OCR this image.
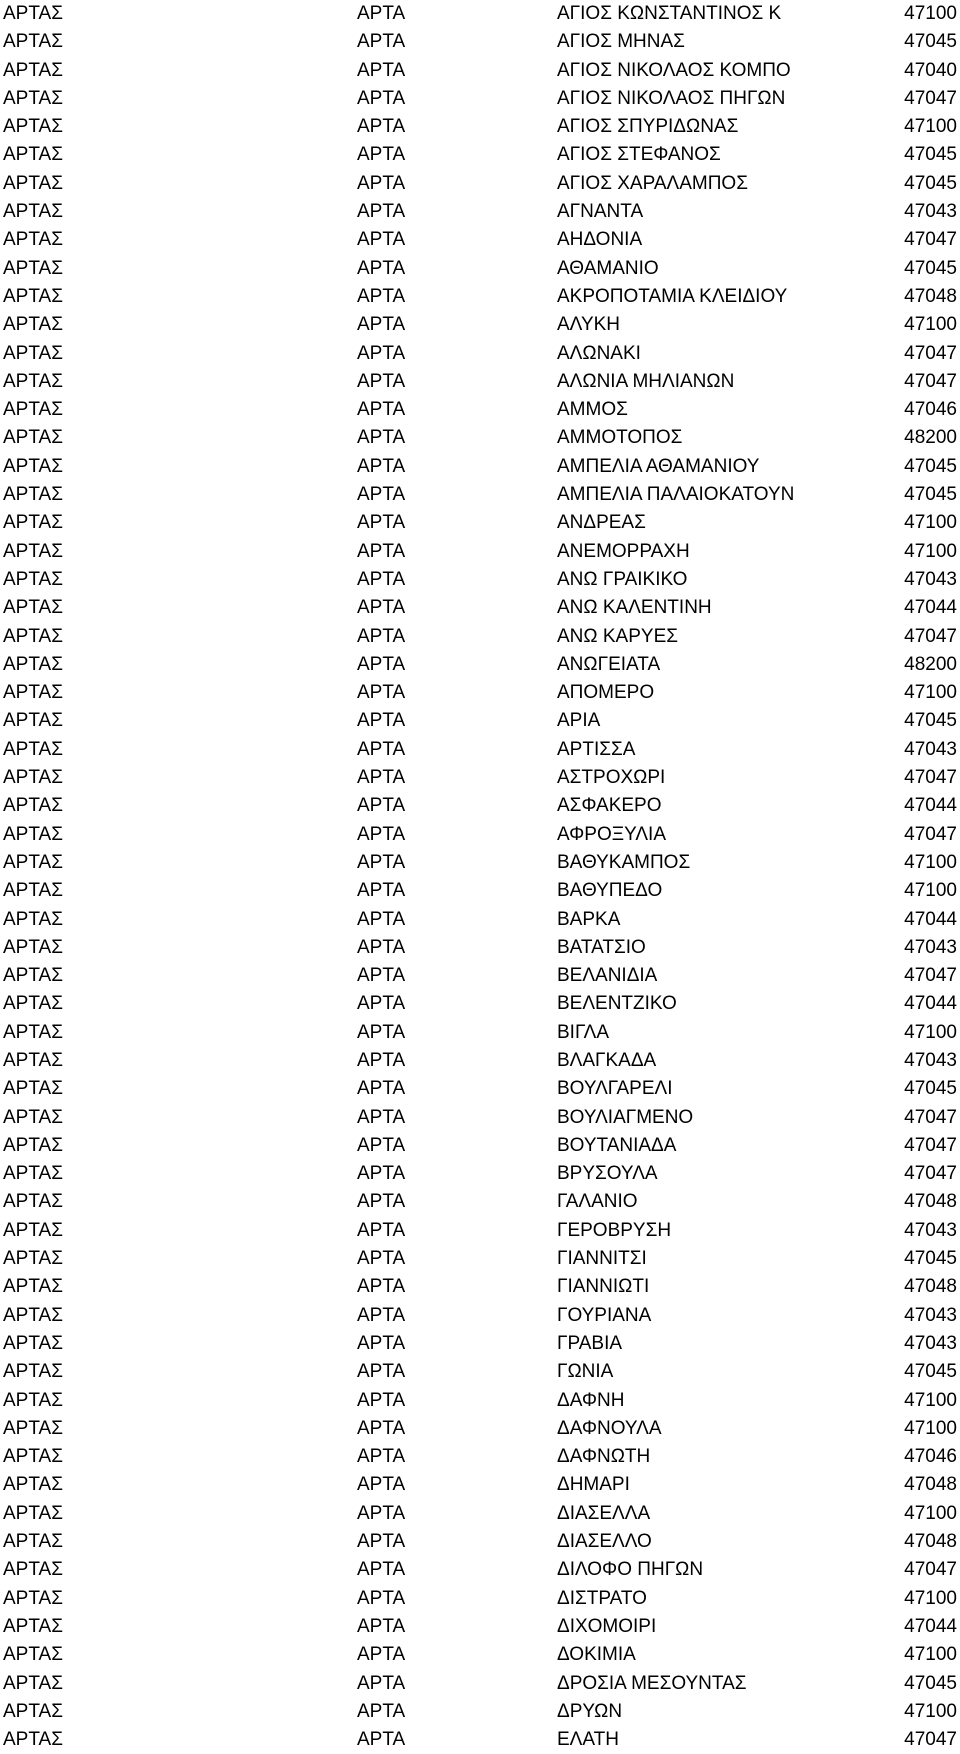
ΑΡΤΑΣ	ΑΡΤΑ	ΑΓΙΟΣ ΚΩΝΣΤΑΝΤΙΝΟΣ Κ	47100
ΑΡΤΑΣ	ΑΡΤΑ	ΑΓΙΟΣ ΜΗΝΑΣ	47045
ΑΡΤΑΣ	ΑΡΤΑ	ΑΓΙΟΣ ΝΙΚΟΛΑΟΣ ΚΟΜΠΟ	47040
ΑΡΤΑΣ	ΑΡΤΑ	ΑΓΙΟΣ ΝΙΚΟΛΑΟΣ ΠΗΓΩΝ	47047
ΑΡΤΑΣ	ΑΡΤΑ	ΑΓΙΟΣ ΣΠΥΡΙΔΩΝΑΣ	47100
ΑΡΤΑΣ	ΑΡΤΑ	ΑΓΙΟΣ ΣΤΕΦΑΝΟΣ	47045
ΑΡΤΑΣ	ΑΡΤΑ	ΑΓΙΟΣ ΧΑΡΑΛΑΜΠΟΣ	47045
ΑΡΤΑΣ	ΑΡΤΑ	ΑΓΝΑΝΤΑ	47043
ΑΡΤΑΣ	ΑΡΤΑ	ΑΗΔΟΝΙΑ	47047
ΑΡΤΑΣ	ΑΡΤΑ	ΑΘΑΜΑΝΙΟ	47045
ΑΡΤΑΣ	ΑΡΤΑ	ΑΚΡΟΠΟΤΑΜΙΑ ΚΛΕΙΔΙΟΥ	47048
ΑΡΤΑΣ	ΑΡΤΑ	ΑΛΥΚΗ	47100
ΑΡΤΑΣ	ΑΡΤΑ	ΑΛΩΝΑΚΙ	47047
ΑΡΤΑΣ	ΑΡΤΑ	ΑΛΩΝΙΑ ΜΗΛΙΑΝΩΝ	47047
ΑΡΤΑΣ	ΑΡΤΑ	ΑΜΜΟΣ	47046
ΑΡΤΑΣ	ΑΡΤΑ	ΑΜΜΟΤΟΠΟΣ	48200
ΑΡΤΑΣ	ΑΡΤΑ	ΑΜΠΕΛΙΑ ΑΘΑΜΑΝΙΟΥ	47045
ΑΡΤΑΣ	ΑΡΤΑ	ΑΜΠΕΛΙΑ ΠΑΛΑΙΟΚΑΤΟΥΝ	47045
ΑΡΤΑΣ	ΑΡΤΑ	ΑΝΔΡΕΑΣ	47100
ΑΡΤΑΣ	ΑΡΤΑ	ΑΝΕΜΟΡΡΑΧΗ	47100
ΑΡΤΑΣ	ΑΡΤΑ	ΑΝΩ ΓΡΑΙΚΙΚΟ	47043
ΑΡΤΑΣ	ΑΡΤΑ	ΑΝΩ ΚΑΛΕΝΤΙΝΗ	47044
ΑΡΤΑΣ	ΑΡΤΑ	ΑΝΩ ΚΑΡΥΕΣ	47047
ΑΡΤΑΣ	ΑΡΤΑ	ΑΝΩΓΕΙΑΤΑ	48200
ΑΡΤΑΣ	ΑΡΤΑ	ΑΠΟΜΕΡΟ	47100
ΑΡΤΑΣ	ΑΡΤΑ	ΑΡΙΑ	47045
ΑΡΤΑΣ	ΑΡΤΑ	ΑΡΤΙΣΣΑ	47043
ΑΡΤΑΣ	ΑΡΤΑ	ΑΣΤΡΟΧΩΡΙ	47047
ΑΡΤΑΣ	ΑΡΤΑ	ΑΣΦΑΚΕΡΟ	47044
ΑΡΤΑΣ	ΑΡΤΑ	ΑΦΡΟΞΥΛΙΑ	47047
ΑΡΤΑΣ	ΑΡΤΑ	ΒΑΘΥΚΑΜΠΟΣ	47100
ΑΡΤΑΣ	ΑΡΤΑ	ΒΑΘΥΠΕΔΟ	47100
ΑΡΤΑΣ	ΑΡΤΑ	ΒΑΡΚΑ	47044
ΑΡΤΑΣ	ΑΡΤΑ	ΒΑΤΑΤΣΙΟ	47043
ΑΡΤΑΣ	ΑΡΤΑ	ΒΕΛΑΝΙΔΙΑ	47047
ΑΡΤΑΣ	ΑΡΤΑ	ΒΕΛΕΝΤΖΙΚΟ	47044
ΑΡΤΑΣ	ΑΡΤΑ	ΒΙΓΛΑ	47100
ΑΡΤΑΣ	ΑΡΤΑ	ΒΛΑΓΚΑΔΑ	47043
ΑΡΤΑΣ	ΑΡΤΑ	ΒΟΥΛΓΑΡΕΛΙ	47045
ΑΡΤΑΣ	ΑΡΤΑ	ΒΟΥΛΙΑΓΜΕΝΟ	47047
ΑΡΤΑΣ	ΑΡΤΑ	ΒΟΥΤΑΝΙΑΔΑ	47047
ΑΡΤΑΣ	ΑΡΤΑ	ΒΡΥΣΟΥΛΑ	47047
ΑΡΤΑΣ	ΑΡΤΑ	ΓΑΛΑΝΙΟ	47048
ΑΡΤΑΣ	ΑΡΤΑ	ΓΕΡΟΒΡΥΣΗ	47043
ΑΡΤΑΣ	ΑΡΤΑ	ΓΙΑΝΝΙΤΣΙ	47045
ΑΡΤΑΣ	ΑΡΤΑ	ΓΙΑΝΝΙΩΤΙ	47048
ΑΡΤΑΣ	ΑΡΤΑ	ΓΟΥΡΙΑΝΑ	47043
ΑΡΤΑΣ	ΑΡΤΑ	ΓΡΑΒΙΑ	47043
ΑΡΤΑΣ	ΑΡΤΑ	ΓΩΝΙΑ	47045
ΑΡΤΑΣ	ΑΡΤΑ	ΔΑΦΝΗ	47100
ΑΡΤΑΣ	ΑΡΤΑ	ΔΑΦΝΟΥΛΑ	47100
ΑΡΤΑΣ	ΑΡΤΑ	ΔΑΦΝΩΤΗ	47046
ΑΡΤΑΣ	ΑΡΤΑ	ΔΗΜΑΡΙ	47048
ΑΡΤΑΣ	ΑΡΤΑ	ΔΙΑΣΕΛΛΑ	47100
ΑΡΤΑΣ	ΑΡΤΑ	ΔΙΑΣΕΛΛΟ	47048
ΑΡΤΑΣ	ΑΡΤΑ	ΔΙΛΟΦΟ ΠΗΓΩΝ	47047
ΑΡΤΑΣ	ΑΡΤΑ	ΔΙΣΤΡΑΤΟ	47100
ΑΡΤΑΣ	ΑΡΤΑ	ΔΙΧΟΜΟΙΡΙ	47044
ΑΡΤΑΣ	ΑΡΤΑ	ΔΟΚΙΜΙΑ	47100
ΑΡΤΑΣ	ΑΡΤΑ	ΔΡΟΣΙΑ ΜΕΣΟΥΝΤΑΣ	47045
ΑΡΤΑΣ	ΑΡΤΑ	ΔΡΥΩΝ	47100
ΑΡΤΑΣ	ΑΡΤΑ	ΕΛΑΤΗ	47047
